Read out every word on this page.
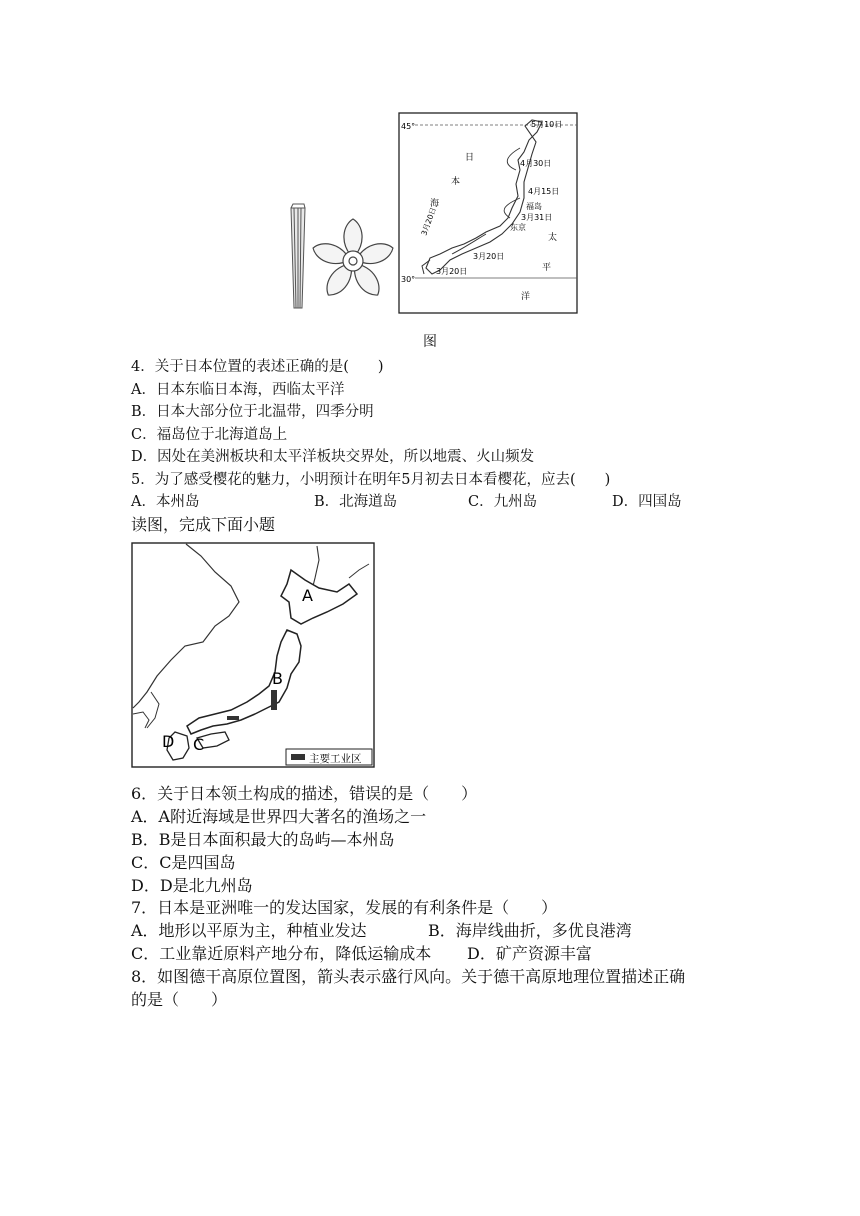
45°
30°
日
本
海
太
平
洋
5月10日
4月30日
4月15日
福岛
3月31日
东京
3月20日
3月20日
3月20日
图
4．关于日本位置的表述正确的是(　　)
A．日本东临日本海，西临太平洋
B．日本大部分位于北温带，四季分明
C．福岛位于北海道岛上
D．因处在美洲板块和太平洋板块交界处，所以地震、火山频发
5．为了感受樱花的魅力，小明预计在明年5月初去日本看樱花，应去(　　)
A．本州岛	B．北海道岛	C．九州岛	D．四国岛
读图，完成下面小题
A
B
C
D
主要工业区
6．关于日本领土构成的描述，错误的是（　　）
A．A附近海域是世界四大著名的渔场之一
B．B是日本面积最大的岛屿—本州岛
C．C是四国岛
D．D是北九州岛
7．日本是亚洲唯一的发达国家，发展的有利条件是（　　）
A．地形以平原为主，种植业发达	B．海岸线曲折，多优良港湾
C．工业靠近原料产地分布，降低运输成本 D．矿产资源丰富
8．如图德干高原位置图，箭头表示盛行风向。关于德干高原地理位置描述正确
的是（　　）
